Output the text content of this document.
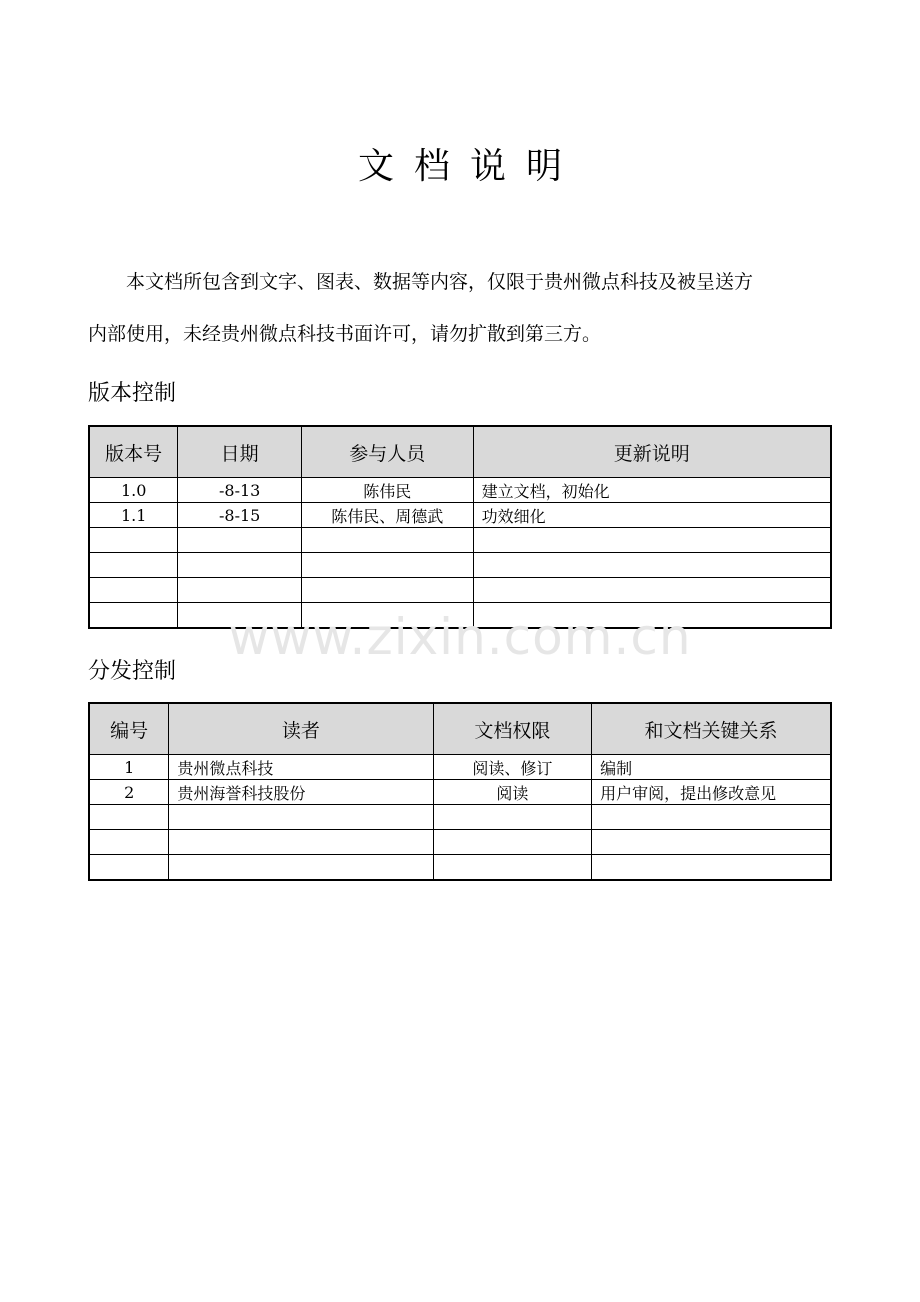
文档说明
本文档所包含到文字、图表、数据等内容，仅限于贵州微点科技及被呈送方
内部使用，未经贵州微点科技书面许可，请勿扩散到第三方。
版本控制
版本号	日期	参与人员	更新说明
1.0	-8-13	陈伟民	建立文档，初始化
1.1	-8-15	陈伟民、周德武	功效细化

www.zixin.com.cn
分发控制
编号	读者	文档权限	和文档关键关系
1	贵州微点科技	阅读、修订	编制
2	贵州海誉科技股份	阅读	用户审阅，提出修改意见
